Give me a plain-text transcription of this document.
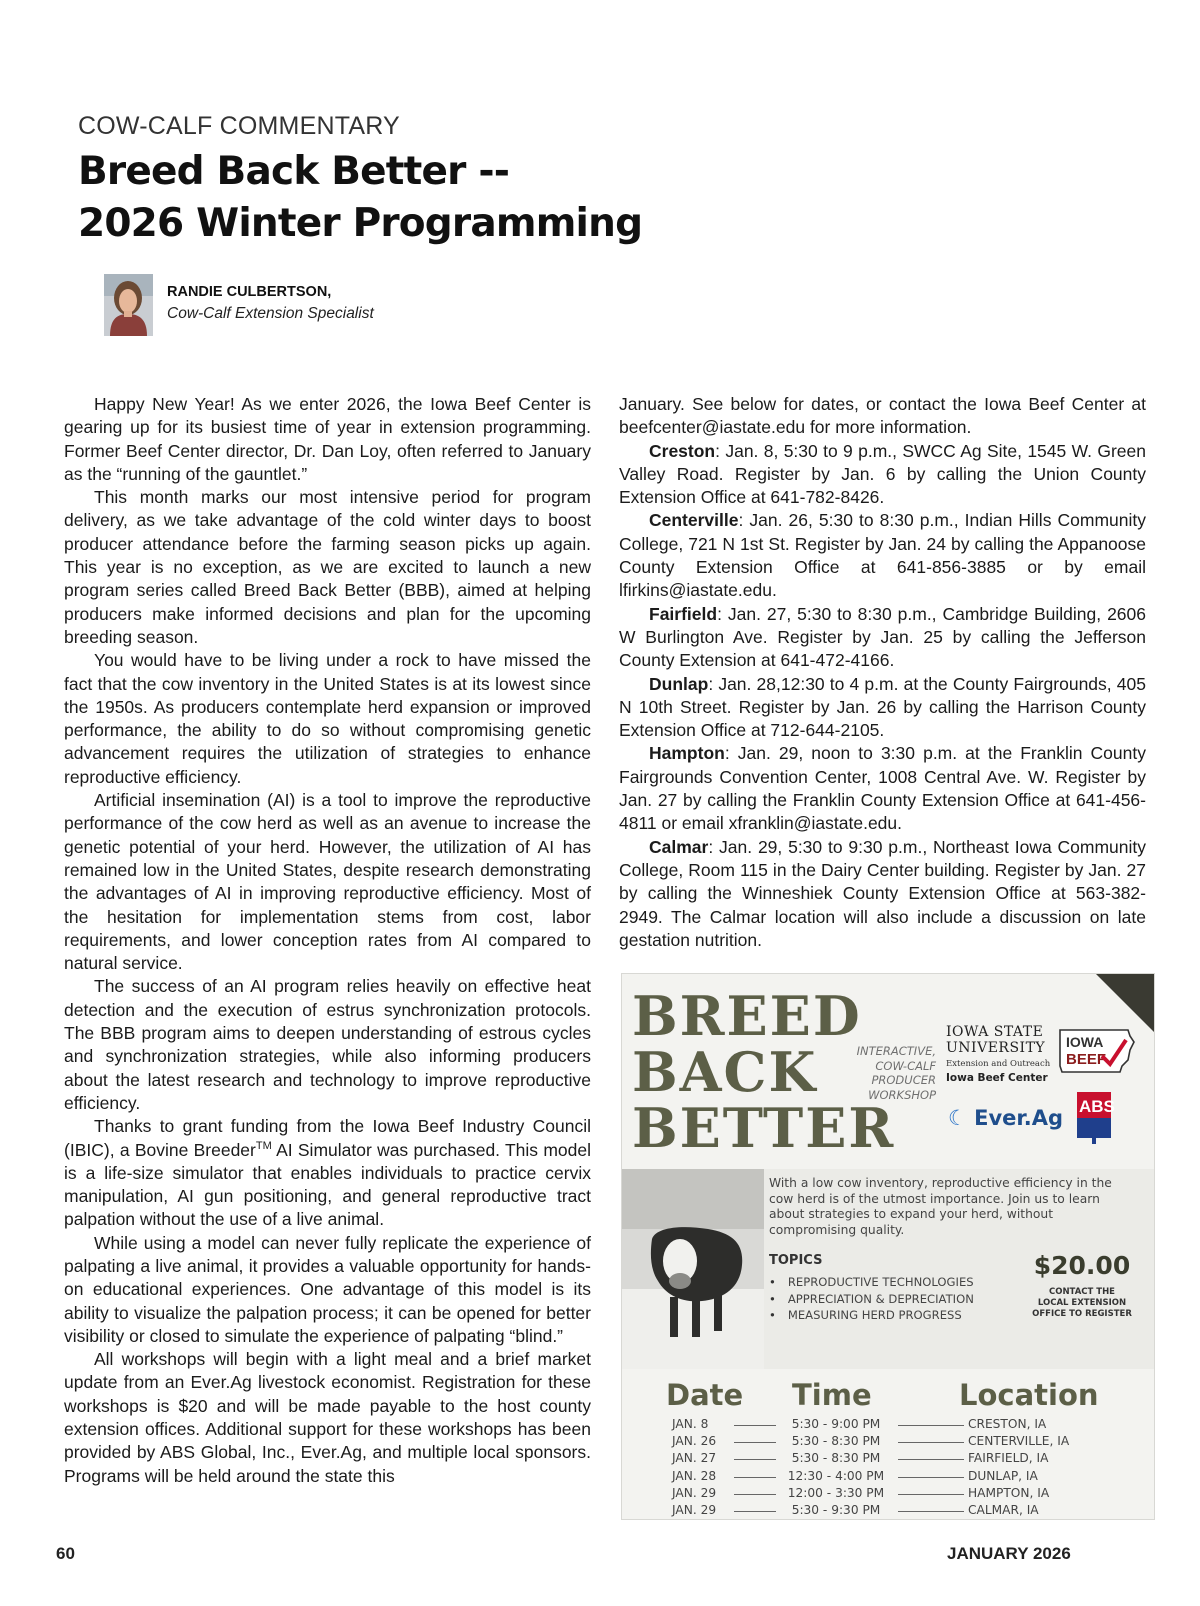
COW-CALF COMMENTARY
Breed Back Better --
2026 Winter Programming
RANDIE CULBERTSON,
Cow-Calf Extension Specialist

Happy New Year! As we enter 2026, the Iowa Beef Center is gearing up for its busiest time of year in extension programming. Former Beef Center director, Dr. Dan Loy, often referred to January as the “running of the gauntlet.”

This month marks our most intensive period for program delivery, as we take advantage of the cold winter days to boost producer attendance before the farming season picks up again. This year is no exception, as we are excited to launch a new program series called Breed Back Better (BBB), aimed at helping producers make informed decisions and plan for the upcoming breeding season.

You would have to be living under a rock to have missed the fact that the cow inventory in the United States is at its lowest since the 1950s. As producers contemplate herd expansion or improved performance, the ability to do so without compromising genetic advancement requires the utilization of strategies to enhance reproductive efficiency.

Artificial insemination (AI) is a tool to improve the reproductive performance of the cow herd as well as an avenue to increase the genetic potential of your herd. However, the utilization of AI has remained low in the United States, despite research demonstrating the advantages of AI in improving reproductive efficiency. Most of the hesitation for implementation stems from cost, labor requirements, and lower conception rates from AI compared to natural service.

The success of an AI program relies heavily on effective heat detection and the execution of estrus synchronization protocols. The BBB program aims to deepen understanding of estrous cycles and synchronization strategies, while also informing producers about the latest research and technology to improve reproductive efficiency.

Thanks to grant funding from the Iowa Beef Industry Council (IBIC), a Bovine Breeder™ AI Simulator was purchased. This model is a life-size simulator that enables individuals to practice cervix manipulation, AI gun positioning, and general reproductive tract palpation without the use of a live animal.

While using a model can never fully replicate the experience of palpating a live animal, it provides a valuable opportunity for hands-on educational experiences. One advantage of this model is its ability to visualize the palpation process; it can be opened for better visibility or closed to simulate the experience of palpating “blind.”

All workshops will begin with a light meal and a brief market update from an Ever.Ag livestock economist. Registration for these workshops is $20 and will be made payable to the host county extension offices. Additional support for these workshops has been provided by ABS Global, Inc., Ever.Ag, and multiple local sponsors. Programs will be held around the state this

January. See below for dates, or contact the Iowa Beef Center at beefcenter@iastate.edu for more information.

Creston: Jan. 8, 5:30 to 9 p.m., SWCC Ag Site, 1545 W. Green Valley Road. Register by Jan. 6 by calling the Union County Extension Office at 641-782-8426.

Centerville: Jan. 26, 5:30 to 8:30 p.m., Indian Hills Community College, 721 N 1st St. Register by Jan. 24 by calling the Appanoose County Extension Office at 641-856-3885 or by email lfirkins@iastate.edu.

Fairfield: Jan. 27, 5:30 to 8:30 p.m., Cambridge Building, 2606 W Burlington Ave. Register by Jan. 25 by calling the Jefferson County Extension at 641-472-4166.

Dunlap: Jan. 28,12:30 to 4 p.m. at the County Fairgrounds, 405 N 10th Street. Register by Jan. 26 by calling the Harrison County Extension Office at 712-644-2105.

Hampton: Jan. 29, noon to 3:30 p.m. at the Franklin County Fairgrounds Convention Center, 1008 Central Ave. W. Register by Jan. 27 by calling the Franklin County Extension Office at 641-456-4811 or email xfranklin@iastate.edu.

Calmar: Jan. 29, 5:30 to 9:30 p.m., Northeast Iowa Community College, Room 115 in the Dairy Center building. Register by Jan. 27 by calling the Winneshiek County Extension Office at 563-382-2949. The Calmar location will also include a discussion on late gestation nutrition.

BREED
BACK
BETTER
INTERACTIVE,
COW-CALF
PRODUCER
WORKSHOP
IOWA STATE
UNIVERSITY
Extension and Outreach
Iowa Beef Center
☾ Ever.Ag
IOWA
BEEF
ABS
With a low cow inventory, reproductive efficiency in the cow herd is of the utmost importance. Join us to learn about strategies to expand your herd, without compromising quality.
TOPICS
• REPRODUCTIVE TECHNOLOGIES
• APPRECIATION & DEPRECIATION
• MEASURING HERD PROGRESS
$20.00
CONTACT THE
LOCAL EXTENSION
OFFICE TO REGISTER
Date Time	Location
JAN. 8
JAN. 26
JAN. 27
JAN. 28
JAN. 29
JAN. 29
5:30 - 9:00 PM
5:30 - 8:30 PM
5:30 - 8:30 PM
12:30 - 4:00 PM
12:00 - 3:30 PM
5:30 - 9:30 PM
CRESTON, IA
CENTERVILLE, IA
FAIRFIELD, IA
DUNLAP, IA
HAMPTON, IA
CALMAR, IA
60	JANUARY 2026
